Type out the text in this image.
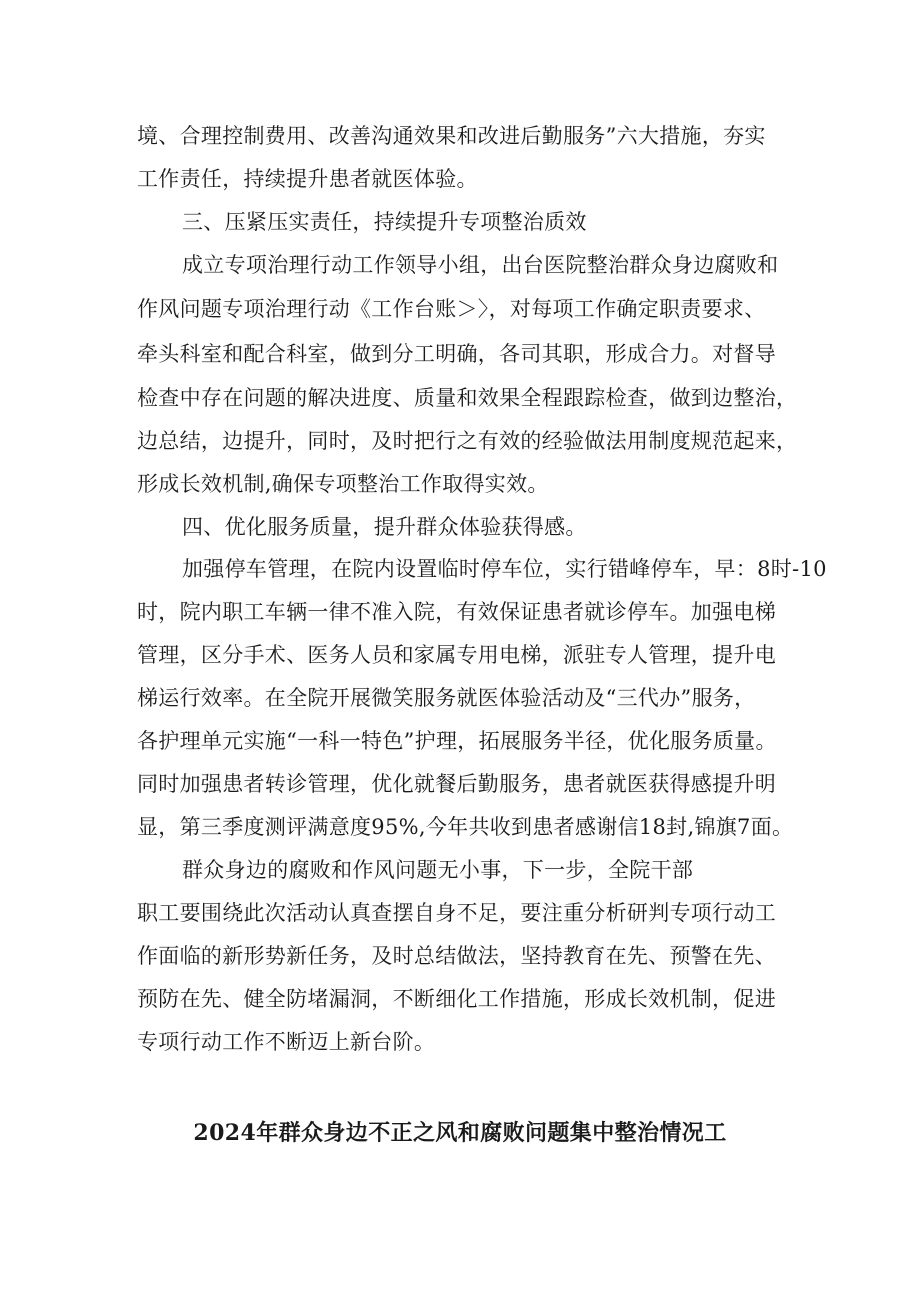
境、合理控制费用、改善沟通效果和改进后勤服务”六大措施，夯实
工作责任，持续提升患者就医体验。
三、压紧压实责任，持续提升专项整治质效
成立专项治理行动工作领导小组，出台医院整治群众身边腐败和
作风问题专项治理行动《工作台账＞〉，对每项工作确定职责要求、
牵头科室和配合科室，做到分工明确，各司其职，形成合力。对督导
检查中存在问题的解决进度、质量和效果全程跟踪检查，做到边整治，
边总结，边提升，同时，及时把行之有效的经验做法用制度规范起来，
形成长效机制,确保专项整治工作取得实效。
四、优化服务质量，提升群众体验获得感。
加强停车管理，在院内设置临时停车位，实行错峰停车，早：8时-10
时，院内职工车辆一律不准入院，有效保证患者就诊停车。加强电梯
管理，区分手术、医务人员和家属专用电梯，派驻专人管理，提升电
梯运行效率。在全院开展微笑服务就医体验活动及“三代办”服务，
各护理单元实施“一科一特色”护理，拓展服务半径，优化服务质量。
同时加强患者转诊管理，优化就餐后勤服务，患者就医获得感提升明
显，第三季度测评满意度95%,今年共收到患者感谢信18封,锦旗7面。
群众身边的腐败和作风问题无小事，下一步，全院干部
职工要围绕此次活动认真查摆自身不足，要注重分析研判专项行动工
作面临的新形势新任务，及时总结做法，坚持教育在先、预警在先、
预防在先、健全防堵漏洞，不断细化工作措施，形成长效机制，促进
专项行动工作不断迈上新台阶。
2024年群众身边不正之风和腐败问题集中整治情况工
